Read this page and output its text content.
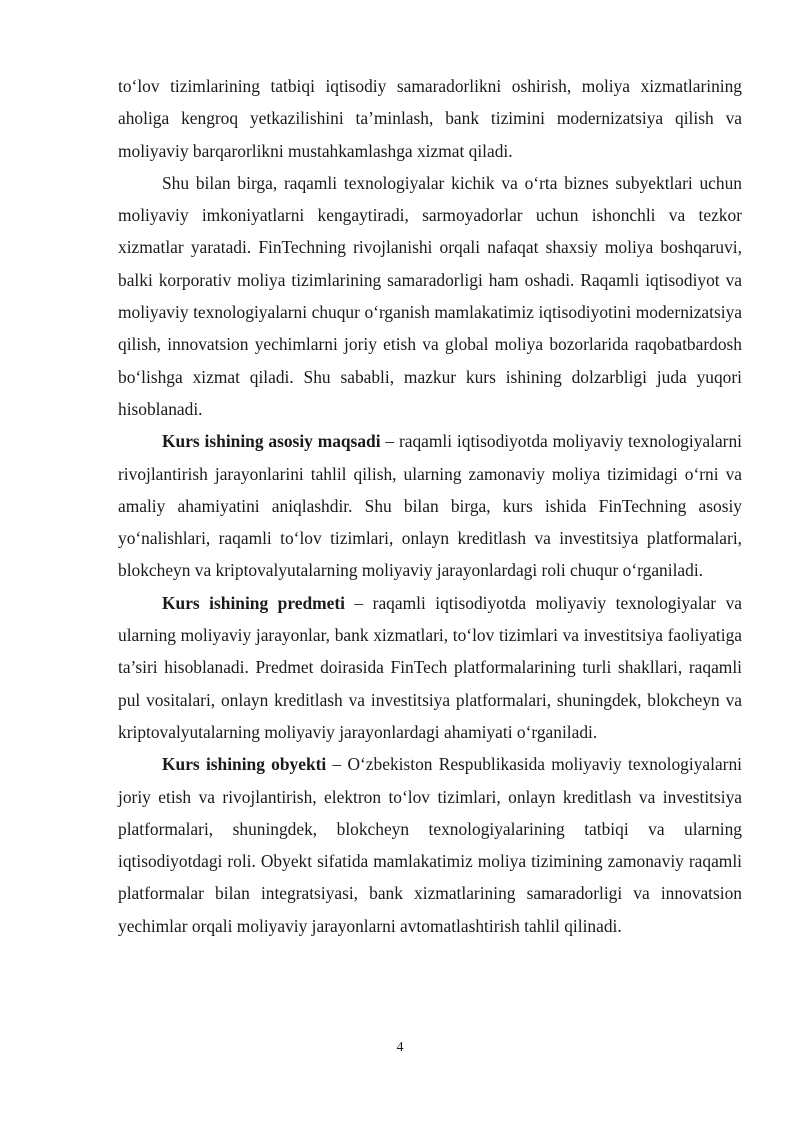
to‘lov tizimlarining tatbiqi iqtisodiy samaradorlikni oshirish, moliya xizmatlarining aholiga kengroq yetkazilishini ta’minlash, bank tizimini modernizatsiya qilish va moliyaviy barqarorlikni mustahkamlashga xizmat qiladi.

Shu bilan birga, raqamli texnologiyalar kichik va o‘rta biznes subyektlari uchun moliyaviy imkoniyatlarni kengaytiradi, sarmoyadorlar uchun ishonchli va tezkor xizmatlar yaratadi. FinTechning rivojlanishi orqali nafaqat shaxsiy moliya boshqaruvi, balki korporativ moliya tizimlarining samaradorligi ham oshadi. Raqamli iqtisodiyot va moliyaviy texnologiyalarni chuqur o‘rganish mamlakatimiz iqtisodiyotini modernizatsiya qilish, innovatsion yechimlarni joriy etish va global moliya bozorlarida raqobatbardosh bo‘lishga xizmat qiladi. Shu sababli, mazkur kurs ishining dolzarbligi juda yuqori hisoblanadi.

Kurs ishining asosiy maqsadi – raqamli iqtisodiyotda moliyaviy texnologiyalarni rivojlantirish jarayonlarini tahlil qilish, ularning zamonaviy moliya tizimidagi o‘rni va amaliy ahamiyatini aniqlashdir. Shu bilan birga, kurs ishida FinTechning asosiy yo‘nalishlari, raqamli to‘lov tizimlari, onlayn kreditlash va investitsiya platformalari, blokcheyn va kriptovalyutalarning moliyaviy jarayonlardagi roli chuqur o‘rganiladi.

Kurs ishining predmeti – raqamli iqtisodiyotda moliyaviy texnologiyalar va ularning moliyaviy jarayonlar, bank xizmatlari, to‘lov tizimlari va investitsiya faoliyatiga ta’siri hisoblanadi. Predmet doirasida FinTech platformalarining turli shakllari, raqamli pul vositalari, onlayn kreditlash va investitsiya platformalari, shuningdek, blokcheyn va kriptovalyutalarning moliyaviy jarayonlardagi ahamiyati o‘rganiladi.

Kurs ishining obyekti – O‘zbekiston Respublikasida moliyaviy texnologiyalarni joriy etish va rivojlantirish, elektron to‘lov tizimlari, onlayn kreditlash va investitsiya platformalari, shuningdek, blokcheyn texnologiyalarining tatbiqi va ularning iqtisodiyotdagi roli. Obyekt sifatida mamlakatimiz moliya tizimining zamonaviy raqamli platformalar bilan integratsiyasi, bank xizmatlarining samaradorligi va innovatsion yechimlar orqali moliyaviy jarayonlarni avtomatlashtirish tahlil qilinadi.

4
